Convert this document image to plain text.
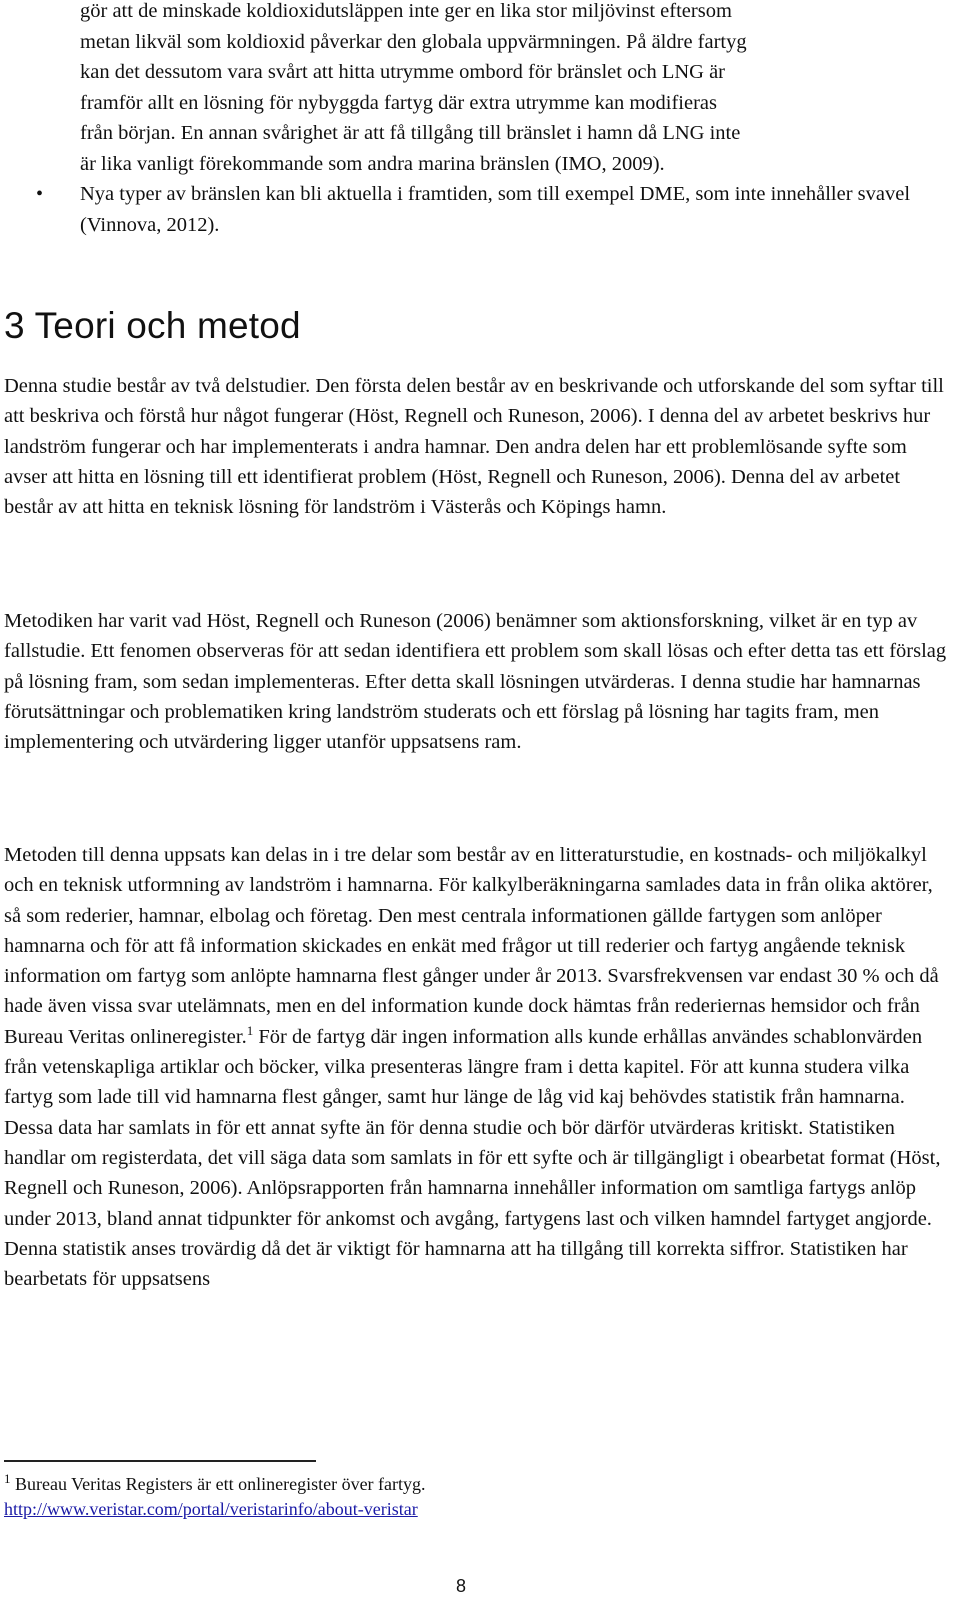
gör att de minskade koldioxidutsläppen inte ger en lika stor miljövinst eftersom
metan likväl som koldioxid påverkar den globala uppvärmningen. På äldre fartyg
kan det dessutom vara svårt att hitta utrymme ombord för bränslet och LNG är
framför allt en lösning för nybyggda fartyg där extra utrymme kan modifieras
från början. En annan svårighet är att få tillgång till bränslet i hamn då LNG inte
är lika vanligt förekommande som andra marina bränslen (IMO, 2009).
• Nya typer av bränslen kan bli aktuella i framtiden, som till exempel DME, som inte innehåller svavel (Vinnova, 2012).
3 Teori och metod

Denna studie består av två delstudier. Den första delen består av en beskrivande och utforskande del som syftar till att beskriva och förstå hur något fungerar (Höst, Regnell och Runeson, 2006). I denna del av arbetet beskrivs hur landström fungerar och har implementerats i andra hamnar. Den andra delen har ett problemlösande syfte som avser att hitta en lösning till ett identifierat problem (Höst, Regnell och Runeson, 2006). Denna del av arbetet består av att hitta en teknisk lösning för landström i Västerås och Köpings hamn.

Metodiken har varit vad Höst, Regnell och Runeson (2006) benämner som aktionsforskning, vilket är en typ av fallstudie. Ett fenomen observeras för att sedan identifiera ett problem som skall lösas och efter detta tas ett förslag på lösning fram, som sedan implementeras. Efter detta skall lösningen utvärderas. I denna studie har hamnarnas förutsättningar och problematiken kring landström studerats och ett förslag på lösning har tagits fram, men implementering och utvärdering ligger utanför uppsatsens ram.

Metoden till denna uppsats kan delas in i tre delar som består av en litteraturstudie, en kostnads- och miljökalkyl och en teknisk utformning av landström i hamnarna. För kalkylberäkningarna samlades data in från olika aktörer, så som rederier, hamnar, elbolag och företag. Den mest centrala informationen gällde fartygen som anlöper hamnarna och för att få information skickades en enkät med frågor ut till rederier och fartyg angående teknisk information om fartyg som anlöpte hamnarna flest gånger under år 2013. Svarsfrekvensen var endast 30 % och då hade även vissa svar utelämnats, men en del information kunde dock hämtas från rederiernas hemsidor och från Bureau Veritas onlineregister.$^1$ För de fartyg där ingen information alls kunde erhållas användes schablonvärden från vetenskapliga artiklar och böcker, vilka presenteras längre fram i detta kapitel. För att kunna studera vilka fartyg som lade till vid hamnarna flest gånger, samt hur länge de låg vid kaj behövdes statistik från hamnarna. Dessa data har samlats in för ett annat syfte än för denna studie och bör därför utvärderas kritiskt. Statistiken handlar om registerdata, det vill säga data som samlats in för ett syfte och är tillgängligt i obearbetat format (Höst, Regnell och Runeson, 2006). Anlöpsrapporten från hamnarna innehåller information om samtliga fartygs anlöp under 2013, bland annat tidpunkter för ankomst och avgång, fartygens last och vilken hamndel fartyget angjorde. Denna statistik anses trovärdig då det är viktigt för hamnarna att ha tillgång till korrekta siffror. Statistiken har bearbetats för uppsatsens

$^1$ Bureau Veritas Registers är ett onlineregister över fartyg.
http://www.veristar.com/portal/veristarinfo/about-veristar

8
